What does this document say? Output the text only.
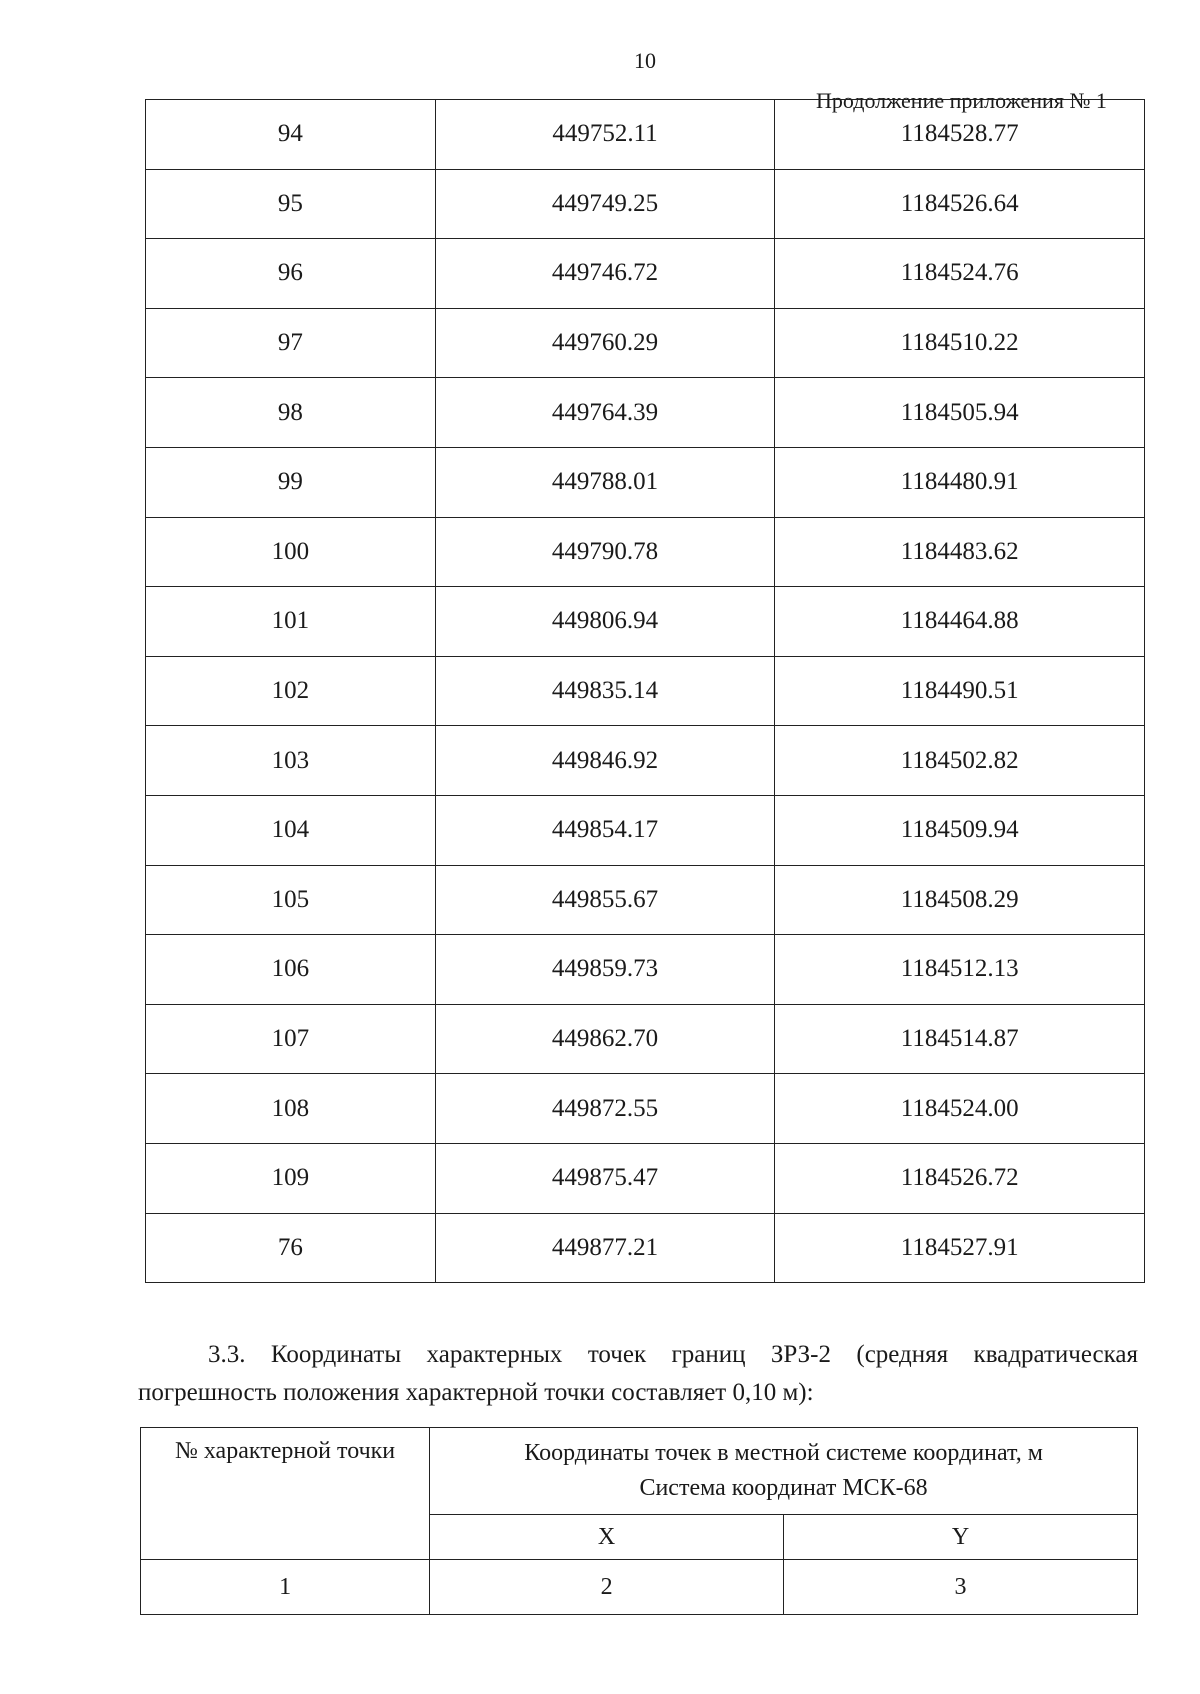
10
Продолжение приложения № 1
94	449752.11	1184528.77
95	449749.25	1184526.64
96	449746.72	1184524.76
97	449760.29	1184510.22
98	449764.39	1184505.94
99	449788.01	1184480.91
100	449790.78	1184483.62
101	449806.94	1184464.88
102	449835.14	1184490.51
103	449846.92	1184502.82
104	449854.17	1184509.94
105	449855.67	1184508.29
106	449859.73	1184512.13
107	449862.70	1184514.87
108	449872.55	1184524.00
109	449875.47	1184526.72
76	449877.21	1184527.91
3.3. Координаты характерных точек границ ЗРЗ-2 (средняя квадратическая погрешность положения характерной точки составляет 0,10 м):
№ характерной точки	Координаты точек в местной системе координат, м
Система координат МСК-68	

	X	Y
1	2	3
